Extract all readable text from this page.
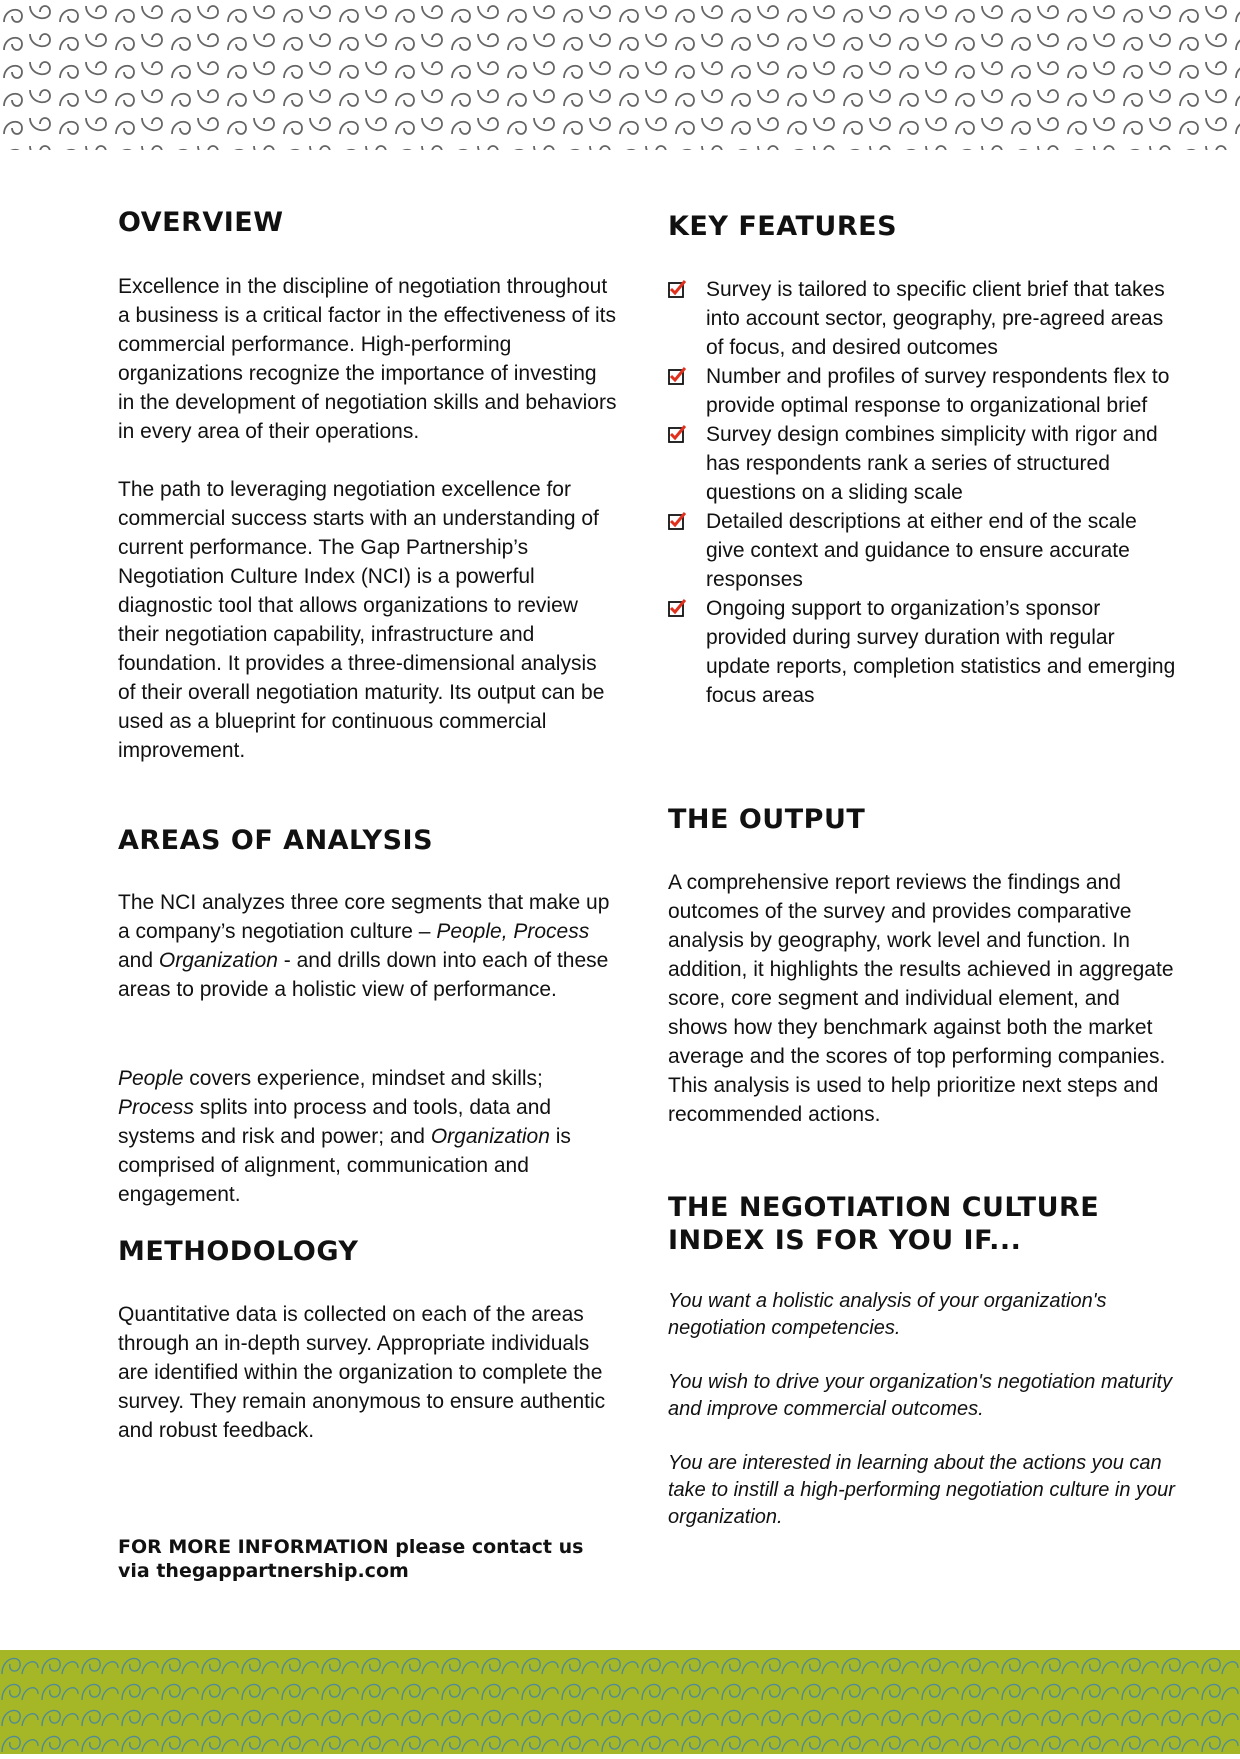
OVERVIEW

Excellence in the discipline of negotiation throughout a business is a critical factor in the effectiveness of its commercial performance. High-performing organizations recognize the importance of investing in the development of negotiation skills and behaviors in every area of their operations.

The path to leveraging negotiation excellence for commercial success starts with an understanding of current performance. The Gap Partnership’s Negotiation Culture Index (NCI) is a powerful diagnostic tool that allows organizations to review their negotiation capability, infrastructure and foundation. It provides a three-dimensional analysis of their overall negotiation maturity. Its output can be used as a blueprint for continuous commercial improvement.

AREAS OF ANALYSIS

The NCI analyzes three core segments that make up a company’s negotiation culture – People, Process and Organization - and drills down into each of these areas to provide a holistic view of performance.

People covers experience, mindset and skills; Process splits into process and tools, data and systems and risk and power; and Organization is comprised of alignment, communication and engagement.

METHODOLOGY

Quantitative data is collected on each of the areas through an in-depth survey. Appropriate individuals are identified within the organization to complete the survey. They remain anonymous to ensure authentic and robust feedback.

FOR MORE INFORMATION please contact us
via thegappartnership.com
KEY FEATURES
Survey is tailored to specific client brief that takes into account sector, geography, pre-agreed areas of focus, and desired outcomes
Number and profiles of survey respondents flex to provide optimal response to organizational brief
Survey design combines simplicity with rigor and has respondents rank a series of structured questions on a sliding scale
Detailed descriptions at either end of the scale give context and guidance to ensure accurate responses
Ongoing support to organization’s sponsor provided during survey duration with regular update reports, completion statistics and emerging focus areas
THE OUTPUT

A comprehensive report reviews the findings and outcomes of the survey and provides comparative analysis by geography, work level and function. In addition, it highlights the results achieved in aggregate score, core segment and individual element, and shows how they benchmark against both the market average and the scores of top performing companies. This analysis is used to help prioritize next steps and recommended actions.

THE NEGOTIATION CULTURE
INDEX IS FOR YOU IF...

You want a holistic analysis of your organization's negotiation competencies.

You wish to drive your organization's negotiation maturity and improve commercial outcomes.

You are interested in learning about the actions you can take to instill a high-performing negotiation culture in your organization.
